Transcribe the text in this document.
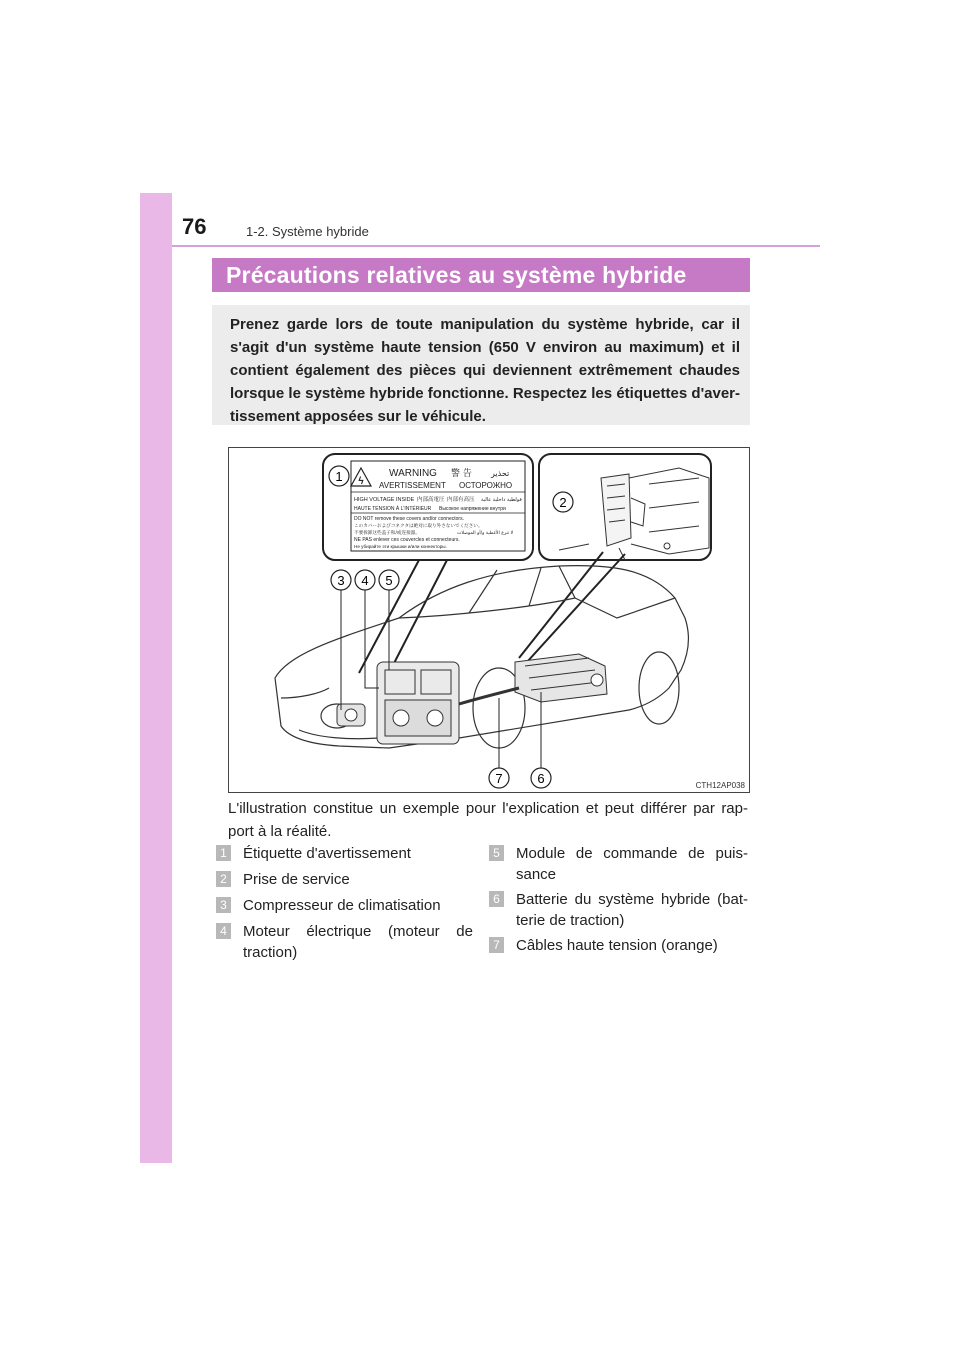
76	1-2. Système hybride
Précautions relatives au système hybride
Prenez garde lors de toute manipulation du système hybride, car il s'agit d'un système haute tension (650 V environ au maximum) et il contient également des pièces qui deviennent extrêmement chaudes lorsque le système hybride fonctionne. Respectez les étiquettes d'aver-tissement apposées sur le véhicule.
ϟ
WARNING 警 告 تحذير
AVERTISSEMENT ОСТОРОЖНО
HIGH VOLTAGE INSIDE 内部高電圧 内部有高压 فولطية داخلية عالية
HAUTE TENSION À L'INTÉRIEUR Высокое напряжение внутри
DO NOT remove these covers and/or connectors.
このカバーおよびコネクタは絶対に取り外さないでください。
不要拆卸这些盖子和/或连接器。	لا تنزع الأغطية و/أو الموصلات
NE PAS enlever ces couvercles et connecteurs.
Не убирайте эти крышки и/или коннекторы.
1
2
3 4 5
6
7	CTH12AP038
L'illustration constitue un exemple pour l'explication et peut différer par rap-port à la réalité.
1 Étiquette d'avertissement
2 Prise de service
3 Compresseur de climatisation
4 Moteur électrique (moteur de traction)
5 Module de commande de puis-sance
6 Batterie du système hybride (bat-terie de traction)
7 Câbles haute tension (orange)
